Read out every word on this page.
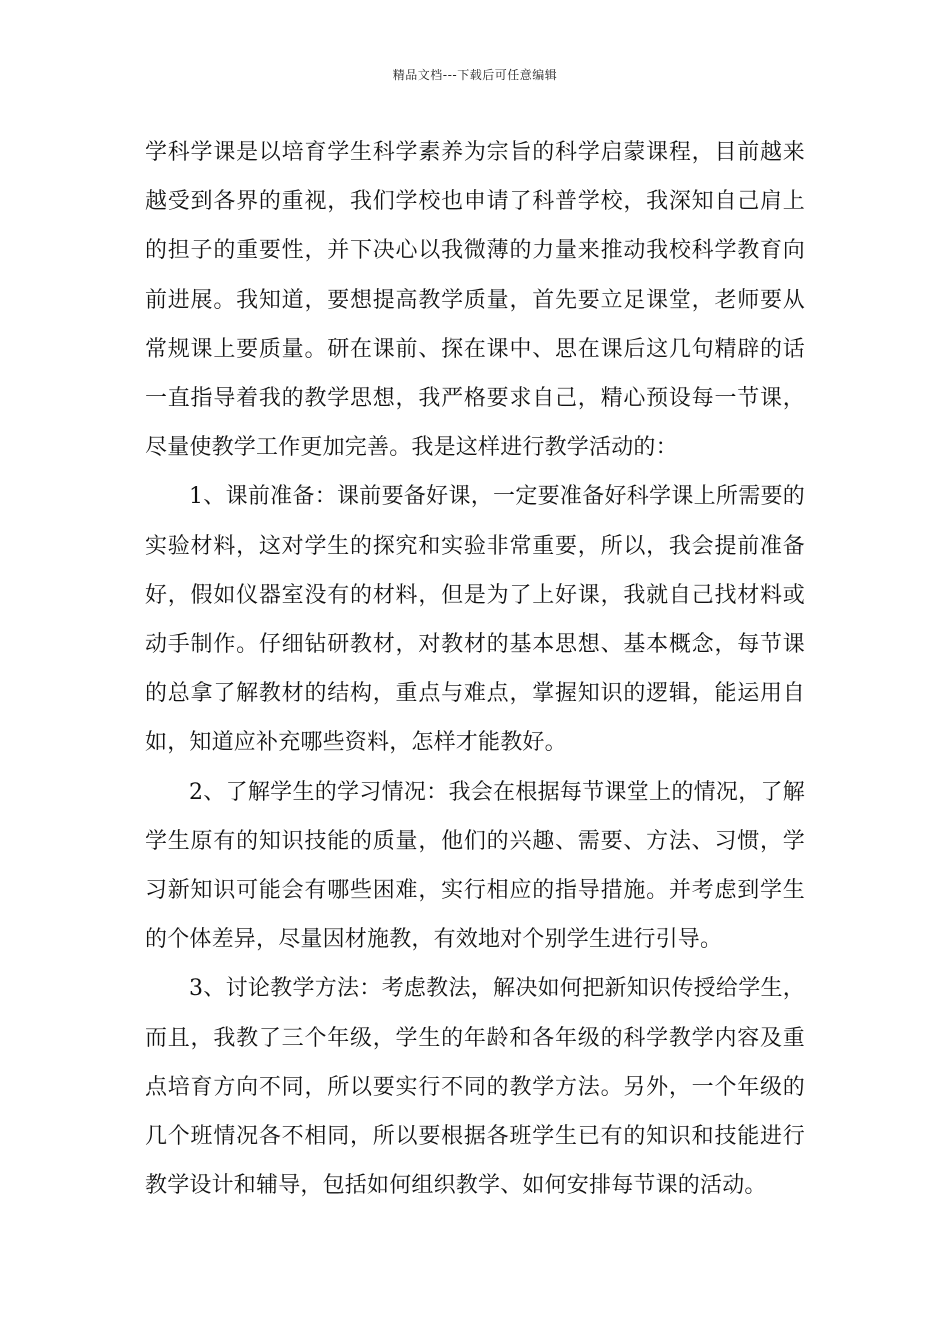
精品文档---下载后可任意编辑

学科学课是以培育学生科学素养为宗旨的科学启蒙课程，目前越来越受到各界的重视，我们学校也申请了科普学校，我深知自己肩上的担子的重要性，并下决心以我微薄的力量来推动我校科学教育向前进展。我知道，要想提高教学质量，首先要立足课堂，老师要从常规课上要质量。研在课前、探在课中、思在课后这几句精辟的话一直指导着我的教学思想，我严格要求自己，精心预设每一节课，尽量使教学工作更加完善。我是这样进行教学活动的：

1、课前准备：课前要备好课，一定要准备好科学课上所需要的实验材料，这对学生的探究和实验非常重要，所以，我会提前准备好，假如仪器室没有的材料，但是为了上好课，我就自己找材料或动手制作。仔细钻研教材，对教材的基本思想、基本概念，每节课的总拿了解教材的结构，重点与难点，掌握知识的逻辑，能运用自如，知道应补充哪些资料，怎样才能教好。

2、了解学生的学习情况：我会在根据每节课堂上的情况，了解学生原有的知识技能的质量，他们的兴趣、需要、方法、习惯，学习新知识可能会有哪些困难，实行相应的指导措施。并考虑到学生的个体差异，尽量因材施教，有效地对个别学生进行引导。

3、讨论教学方法：考虑教法，解决如何把新知识传授给学生，而且，我教了三个年级，学生的年龄和各年级的科学教学内容及重点培育方向不同，所以要实行不同的教学方法。另外，一个年级的几个班情况各不相同，所以要根据各班学生已有的知识和技能进行教学设计和辅导，包括如何组织教学、如何安排每节课的活动。
